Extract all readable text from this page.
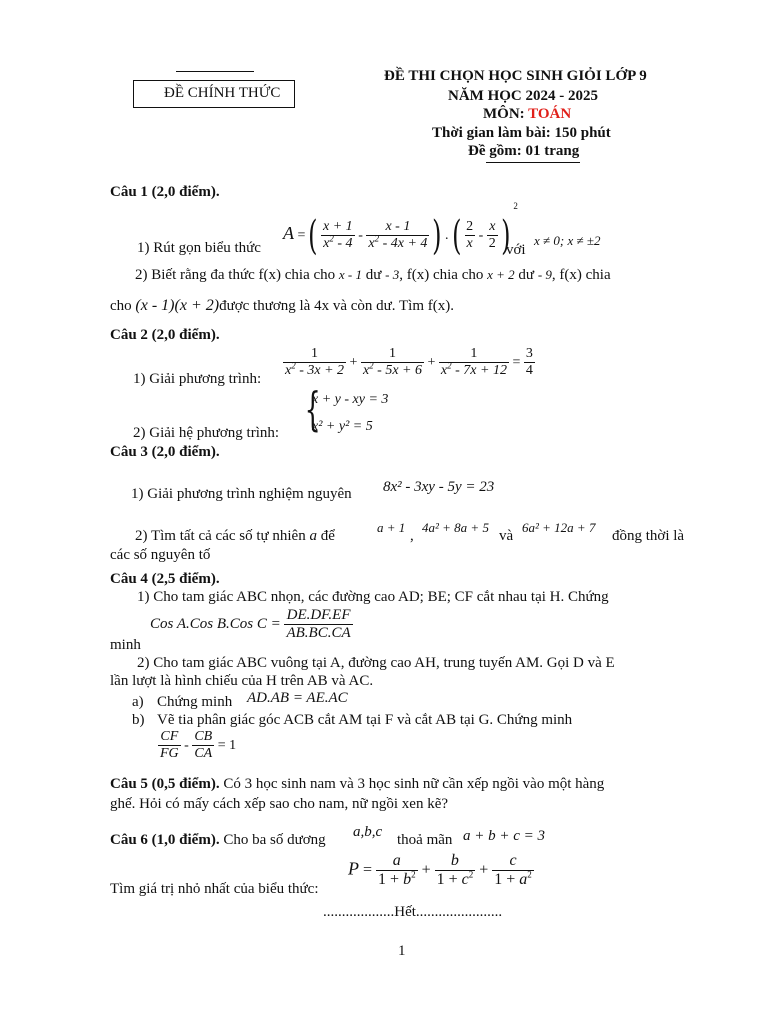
ĐỀ CHÍNH THỨC
ĐỀ THI CHỌN HỌC SINH GIỎI LỚP 9
NĂM HỌC 2024 - 2025
MÔN: TOÁN
Thời gian làm bài: 150 phút
Đề gồm: 01 trang
Câu 1 (2,0 điểm).
A =( $\frac{x + 1}{x^2 - 4} - \frac{x - 1}{x^2 - 4x + 4}$ ) .( $\frac{2}{x} - \frac{x}{2} )^2$
1) Rút gọn biểu thức	với
x ≠ 0; x ≠ ±2
2) Biết rằng đa thức f(x) chia cho x - 1 dư - 3, f(x) chia cho x + 2 dư - 9, f(x) chia
cho (x - 1)(x + 2)được thương là 4x và còn dư. Tìm f(x).
Câu 2 (2,0 điểm).
1) Giải phương trình: $\frac{1}{x^2 - 3x + 2} + \frac{1}{x^2 - 5x + 6} + \frac{1}{x^2 - 7x + 12} = \frac{3}{4}$
{
x + y - xy = 3
x² + y² = 5
2) Giải hệ phương trình:
Câu 3 (2,0 điểm).
1) Giải phương trình nghiệm nguyên 8x² - 3xy - 5y = 23
2) Tìm tất cả các số tự nhiên a để
a + 1
,
4a² + 8a + 5
và
6a² + 12a + 7
đồng thời là
các số nguyên tố
Câu 4 (2,5 điểm).
1) Cho tam giác ABC nhọn, các đường cao AD; BE; CF cắt nhau tại H. Chứng
Cos A.Cos B.Cos $C = \frac{DE.DF.EF}{AB.BC.CA}$
minh
2) Cho tam giác ABC vuông tại A, đường cao AH, trung tuyến AM. Gọi D và E
lần lượt là hình chiếu của H trên AB và AC.
a) Chứng minh AD.AB = AE.AC
b) Vẽ tia phân giác góc ACB cắt AM tại F và cắt AB tại G. Chứng minh
$\frac{CF}{FG} - \frac{CB}{CA} = 1$
Câu 5 (0,5 điểm). Có 3 học sinh nam và 3 học sinh nữ cần xếp ngồi vào một hàng
ghế. Hỏi có mấy cách xếp sao cho nam, nữ ngồi xen kẽ?
Câu 6 (1,0 điểm). Cho ba số dương a,b,c thoả mãn a + b + c = 3
Tìm giá trị nhỏ nhất của biểu thức:
$P = \frac{a}{1 + b^2} + \frac{b}{1 + c^2} + \frac{c}{1 + a^2}$
...................Hết.......................
1
